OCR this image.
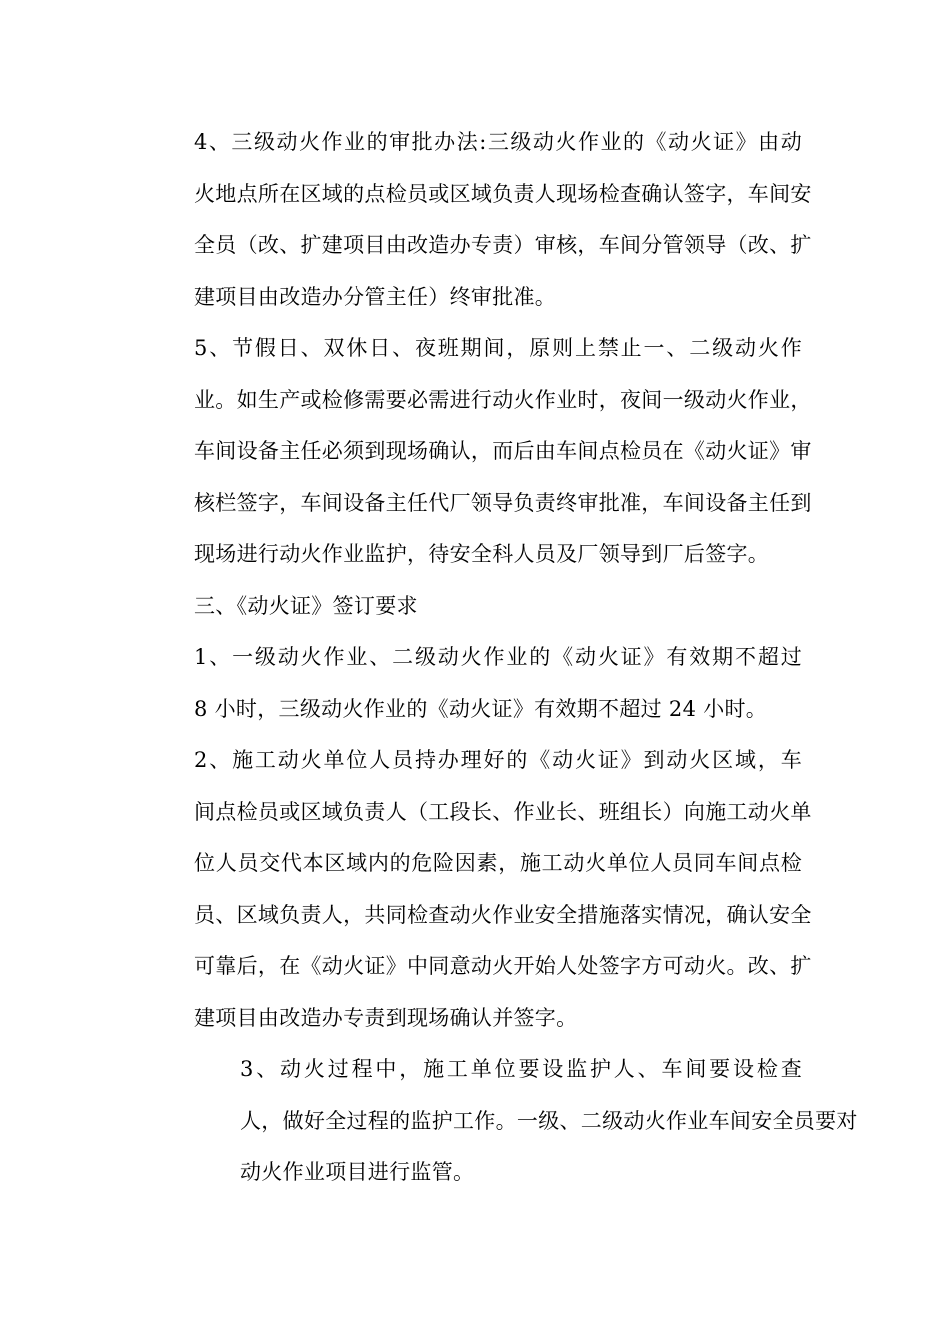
4、三级动火作业的审批办法:三级动火作业的《动火证》由动
火地点所在区域的点检员或区域负责人现场检查确认签字，车间安
全员（改、扩建项目由改造办专责）审核，车间分管领导（改、扩
建项目由改造办分管主任）终审批准。

5、节假日、双休日、夜班期间，原则上禁止一、二级动火作
业。如生产或检修需要必需进行动火作业时，夜间一级动火作业，
车间设备主任必须到现场确认，而后由车间点检员在《动火证》审
核栏签字，车间设备主任代厂领导负责终审批准，车间设备主任到
现场进行动火作业监护，待安全科人员及厂领导到厂后签字。

三、《动火证》签订要求

1、一级动火作业、二级动火作业的《动火证》有效期不超过
8 小时，三级动火作业的《动火证》有效期不超过 24 小时。

2、施工动火单位人员持办理好的《动火证》到动火区域，车
间点检员或区域负责人（工段长、作业长、班组长）向施工动火单
位人员交代本区域内的危险因素，施工动火单位人员同车间点检
员、区域负责人，共同检查动火作业安全措施落实情况，确认安全
可靠后，在《动火证》中同意动火开始人处签字方可动火。改、扩
建项目由改造办专责到现场确认并签字。

3、动火过程中，施工单位要设监护人、车间要设检查
人，做好全过程的监护工作。一级、二级动火作业车间安全员要对
动火作业项目进行监管。
